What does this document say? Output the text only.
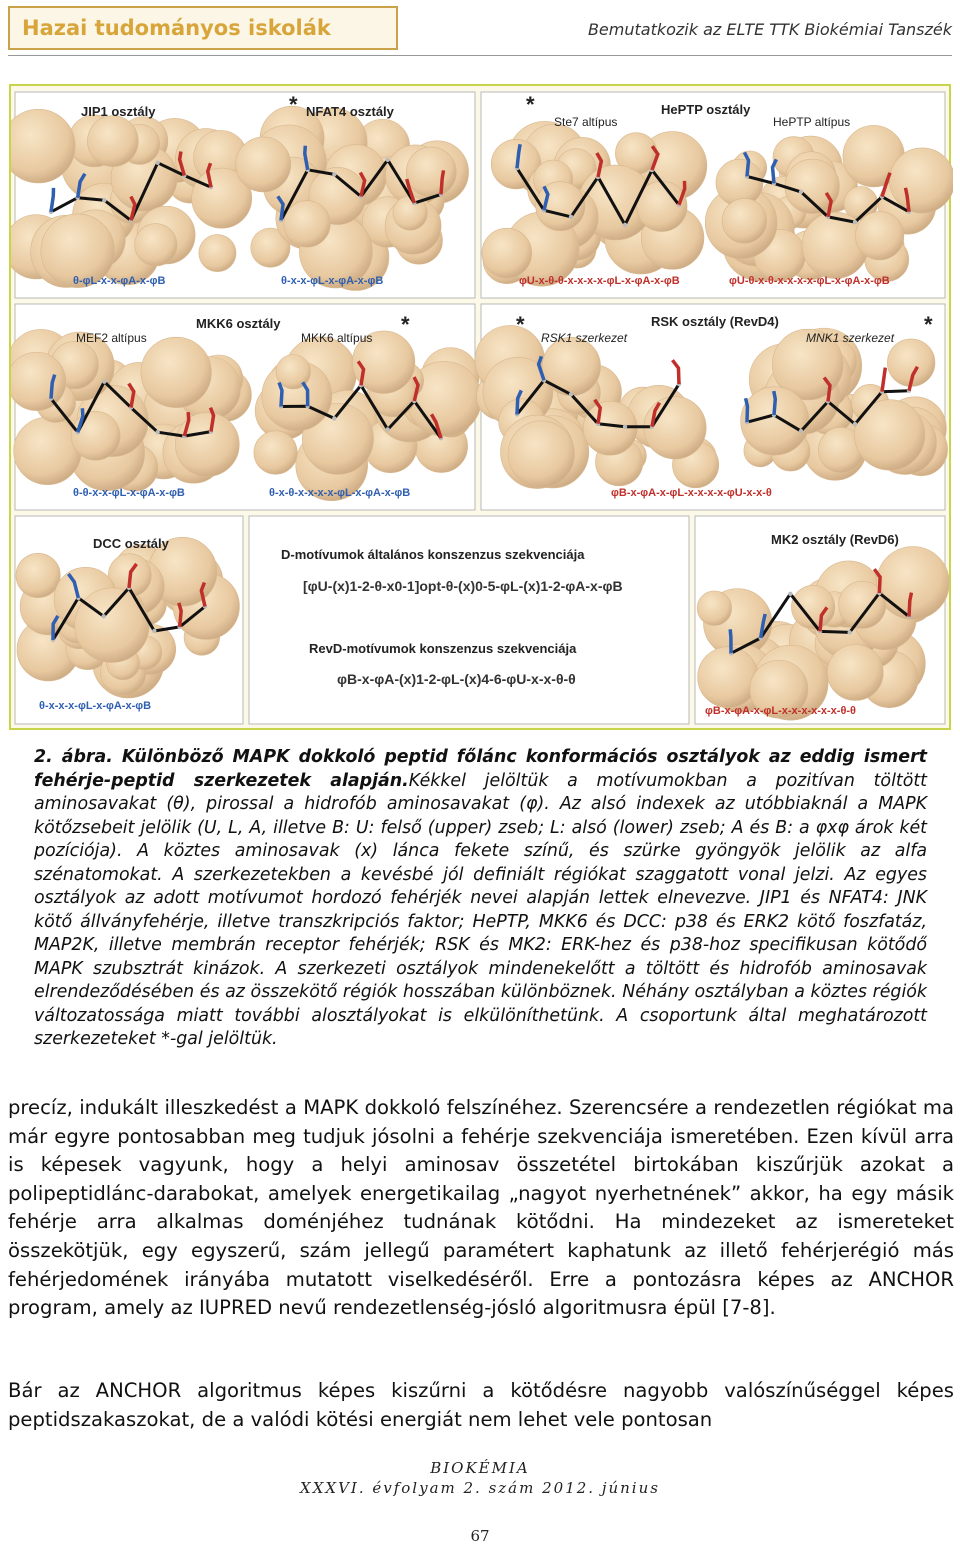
Hazai tudományos iskolák	Bemutatkozik az ELTE TTK Biokémiai Tanszék
JIP1 osztály	NFAT4 osztály
*	HePTP osztály
*
Ste7 altípus	HePTP altípus
MKK6 osztály
MEF2 altípus	MKK6 altípus
*	RSK osztály (RevD4)
*
RSK1 szerkezet	MNK1 szerkezet
*
DCC osztály	MK2 osztály (RevD6)
D-motívumok általános konszenzus szekvenciája
[φU-(x)1-2-θ-x0-1]opt-θ-(x)0-5-φL-(x)1-2-φA-x-φB
RevD-motívumok konszenzus szekvenciája
φB-x-φA-(x)1-2-φL-(x)4-6-φU-x-x-θ-θ
θ-φL-x-x-φA-x-φB	θ-x-x-φL-x-φA-x-φB	φU-x-θ-θ-x-x-x-x-φL-x-φA-x-φB	φU-θ-x-θ-x-x-x-x-φL-x-φA-x-φB
θ-θ-x-x-φL-x-φA-x-φB	θ-x-θ-x-x-x-x-φL-x-φA-x-φB	φB-x-φA-x-φL-x-x-x-x-φU-x-x-θ
θ-x-x-x-φL-x-φA-x-φB	φB-x-φA-x-φL-x-x-x-x-x-x-θ-θ
2. ábra. Különböző MAPK dokkoló peptid főlánc konformációs osztályok az eddig ismert fehérje-peptid szerkezetek alapján.Kékkel jelöltük a motívumokban a pozitívan töltött aminosavakat (θ), pirossal a hidrofób aminosavakat (φ). Az alsó indexek az utóbbiaknál a MAPK kötőzsebeit jelölik (U, L, A, illetve B: U: felső (upper) zseb; L: alsó (lower) zseb; A és B: a φxφ árok két pozíciója). A köztes aminosavak (x) lánca fekete színű, és szürke gyöngyök jelölik az alfa szénatomokat. A szerkezetekben a kevésbé jól definiált régiókat szaggatott vonal jelzi. Az egyes osztályok az adott motívumot hordozó fehérjék nevei alapján lettek elnevezve. JIP1 és NFAT4: JNK kötő állványfehérje, illetve transzkripciós faktor; HePTP, MKK6 és DCC: p38 és ERK2 kötő foszfatáz, MAP2K, illetve membrán receptor fehérjék; RSK és MK2: ERK-hez és p38-hoz specifikusan kötődő MAPK szubsztrát kinázok. A szerkezeti osztályok mindenekelőtt a töltött és hidrofób aminosavak elrendeződésében és az összekötő régiók hosszában különböznek. Néhány osztályban a köztes régiók változatossága miatt további alosztályokat is elkülöníthetünk. A csoportunk által meghatározott szerkezeteket *-gal jelöltük.
precíz, indukált illeszkedést a MAPK dokkoló felszínéhez. Szerencsére a rendezetlen régiókat ma már egyre pontosabban meg tudjuk jósolni a fehérje szekvenciája ismeretében. Ezen kívül arra is képesek vagyunk, hogy a helyi aminosav összetétel birtokában kiszűrjük azokat a polipeptidlánc-darabokat, amelyek energetikailag „nagyot nyerhetnének” akkor, ha egy másik fehérje arra alkalmas doménjéhez tudnának kötődni. Ha mindezeket az ismereteket összekötjük, egy egyszerű, szám jellegű paramétert kaphatunk az illető fehérjerégió más fehérjedomének irányába mutatott viselkedéséről. Erre a pontozásra képes az ANCHOR program, amely az IUPRED nevű rendezetlenség-jósló algoritmusra épül [7-8].
Bár az ANCHOR algoritmus képes kiszűrni a kötődésre nagyobb valószínűséggel képes peptidszakaszokat, de a valódi kötési energiát nem lehet vele pontosan
BIOKÉMIA
XXXVI. évfolyam 2. szám 2012. június
67
